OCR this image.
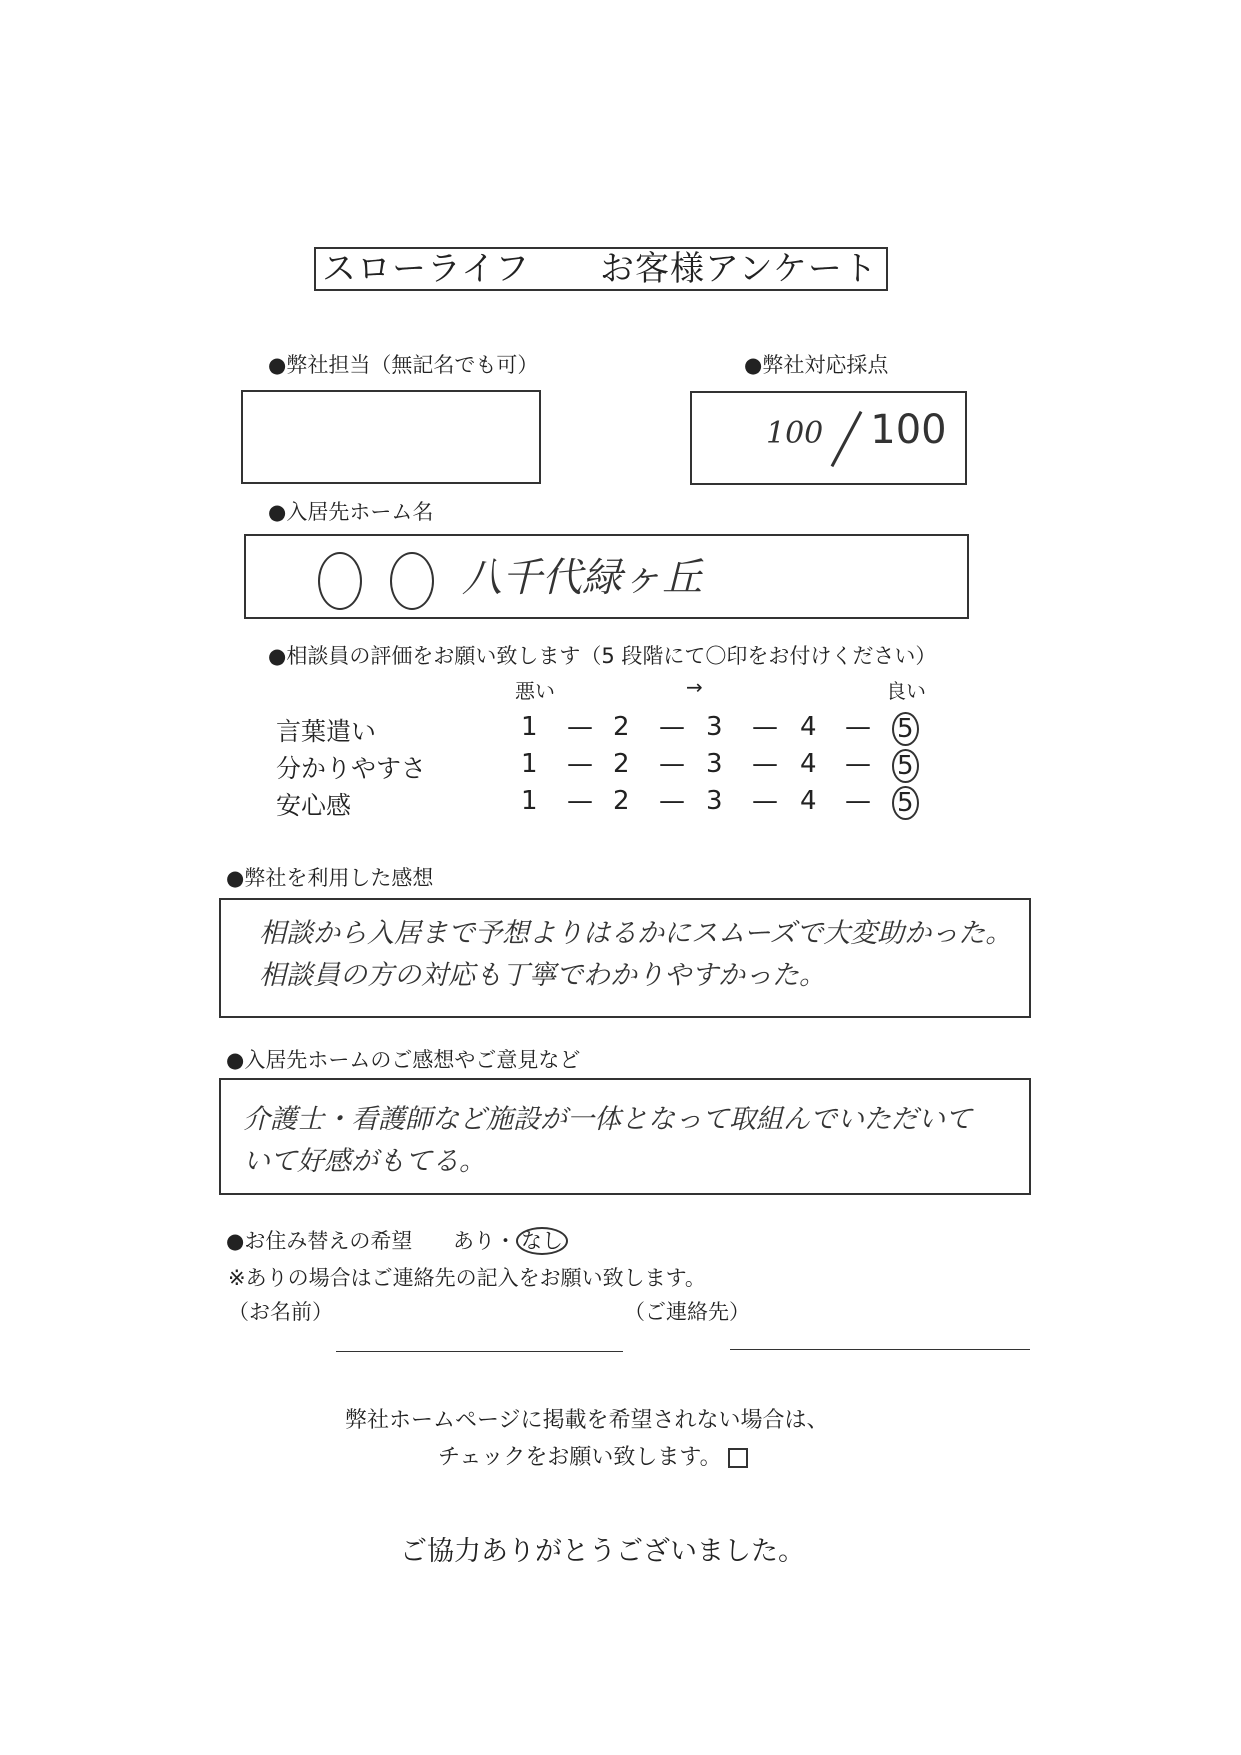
スローライフ　　お客様アンケート
●弊社担当（無記名でも可）	●弊社対応採点
100 100
●入居先ホーム名
八千代緑ヶ丘
●相談員の評価をお願い致します（5 段階にて〇印をお付けください）
悪い	→	良い
言葉遣い	1 — 2 — 3 — 4 — 5
分かりやすさ	1 — 2 — 3 — 4 — 5
安心感	1 — 2 — 3 — 4 — 5
●弊社を利用した感想
相談から入居まで予想よりはるかにスムーズで大変助かった。
相談員の方の対応も丁寧でわかりやすかった。
●入居先ホームのご感想やご意見など
介護士・看護師など施設が一体となって取組んでいただいて
いて好感がもてる。
●お住み替えの希望 あり・ なし
※ありの場合はご連絡先の記入をお願い致します。
（お名前）	（ご連絡先）
弊社ホームページに掲載を希望されない場合は、
チェックをお願い致します。
ご協力ありがとうございました。
